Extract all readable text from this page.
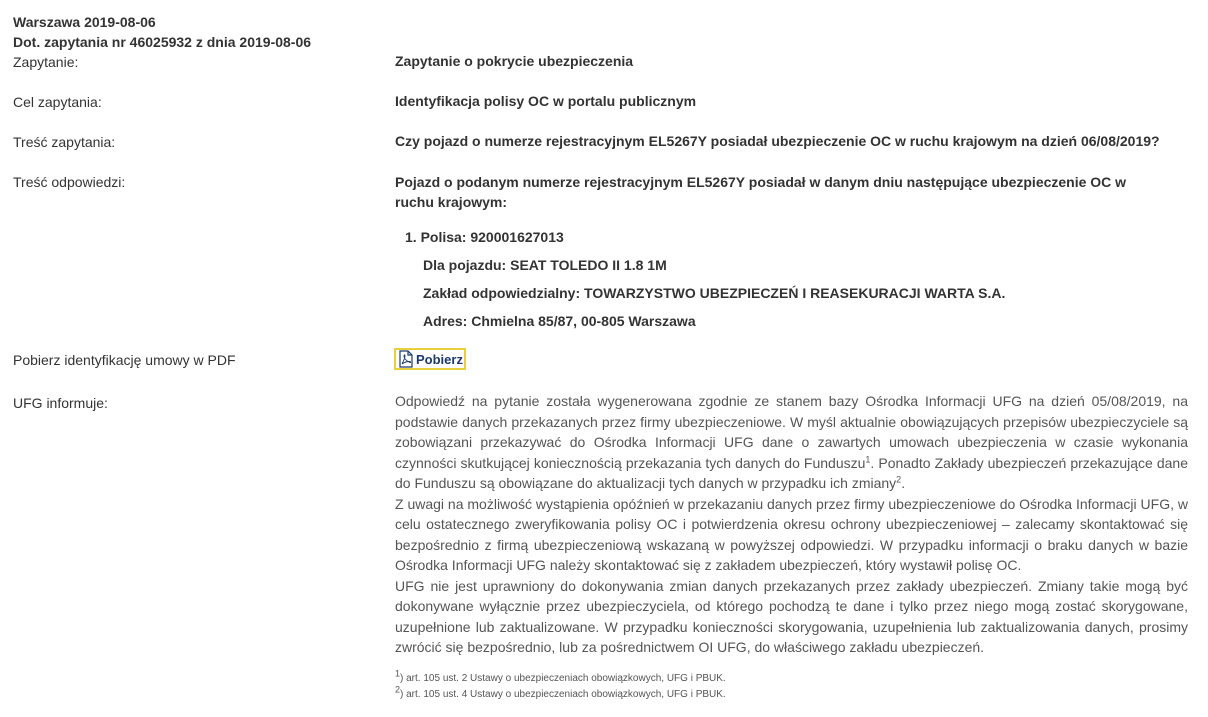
Warszawa 2019-08-06
Dot. zapytania nr 46025932 z dnia 2019-08-06
Zapytanie:	Zapytanie o pokrycie ubezpieczenia
Cel zapytania:	Identyfikacja polisy OC w portalu publicznym
Treść zapytania:	Czy pojazd o numerze rejestracyjnym EL5267Y posiadał ubezpieczenie OC w ruchu krajowym na dzień 06/08/2019?
Treść odpowiedzi:	Pojazd o podanym numerze rejestracyjnym EL5267Y posiadał w danym dniu następujące ubezpieczenie OC w ruchu krajowym:
1. Polisa: 920001627013
Dla pojazdu: SEAT TOLEDO II 1.8 1M
Zakład odpowiedzialny: TOWARZYSTWO UBEZPIECZEŃ I REASEKURACJI WARTA S.A.
Adres: Chmielna 85/87, 00-805 Warszawa
Pobierz identyfikację umowy w PDF	Pobierz
UFG informuje:	Odpowiedź na pytanie została wygenerowana zgodnie ze stanem bazy Ośrodka Informacji UFG na dzień 05/08/2019, na podstawie danych przekazanych przez firmy ubezpieczeniowe. W myśl aktualnie obowiązujących przepisów ubezpieczyciele są zobowiązani przekazywać do Ośrodka Informacji UFG dane o zawartych umowach ubezpieczenia w czasie wykonania czynności skutkującej koniecznością przekazania tych danych do Funduszu$^1$. Ponadto Zakłady ubezpieczeń przekazujące dane do Funduszu są obowiązane do aktualizacji tych danych w przypadku ich zmiany$^2$.

Z uwagi na możliwość wystąpienia opóźnień w przekazaniu danych przez firmy ubezpieczeniowe do Ośrodka Informacji UFG, w celu ostatecznego zweryfikowania polisy OC i potwierdzenia okresu ochrony ubezpieczeniowej – zalecamy skontaktować się bezpośrednio z firmą ubezpieczeniową wskazaną w powyższej odpowiedzi. W przypadku informacji o braku danych w bazie Ośrodka Informacji UFG należy skontaktować się z zakładem ubezpieczeń, który wystawił polisę OC.

UFG nie jest uprawniony do dokonywania zmian danych przekazanych przez zakłady ubezpieczeń. Zmiany takie mogą być dokonywane wyłącznie przez ubezpieczyciela, od którego pochodzą te dane i tylko przez niego mogą zostać skorygowane, uzupełnione lub zaktualizowane. W przypadku konieczności skorygowania, uzupełnienia lub zaktualizowania danych, prosimy zwrócić się bezpośrednio, lub za pośrednictwem OI UFG, do właściwego zakładu ubezpieczeń.

$^1$) art. 105 ust. 2 Ustawy o ubezpieczeniach obowiązkowych, UFG i PBUK.
$^2$) art. 105 ust. 4 Ustawy o ubezpieczeniach obowiązkowych, UFG i PBUK.
